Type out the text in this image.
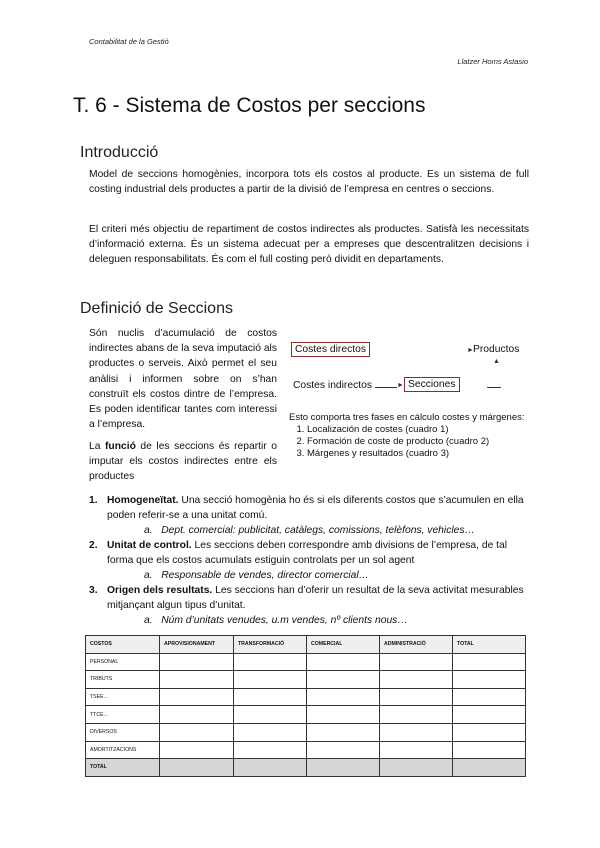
Contabilitat de la Gestió
Llatzer Homs Astasio
T. 6 - Sistema de Costos per seccions
Introducció

Model de seccions homogènies, incorpora tots els costos al producte. Es un sistema de full costing industrial dels productes a partir de la divisió de l’empresa en centres o seccions.

El criteri més objectiu de repartiment de costos indirectes als productes. Satisfà les necessitats d’informació externa. És un sistema adecuat per a empreses que descentralitzen decisions i deleguen responsabilitats. És com el full costing però dividit en departaments.

Definició de Seccions

Són nuclis d’acumulació de costos indirectes abans de la seva imputació als productes o serveis. Això permet el seu anàlisi i informen sobre on s’han construït els costos dintre de l’empresa. Es poden identificar tantes com interessi a l’empresa.

La funció de les seccions és repartir o imputar els costos indirectes entre els productes

Costes directos	► Productos
▲
Costes indirectos	► Secciones
Esto comporta tres fases en cálculo costes y márgenes:
1. Localización de costes (cuadro 1)
2. Formación de coste de producto (cuadro 2)
3. Márgenes y resultados (cuadro 3)
1. Homogeneïtat. Una secció homogènia ho és si els diferents costos que s’acumulen en ella poden referir-se a una unitat comú.
a. Dept. comercial: publicitat, catàlegs, comissions, telèfons, vehicles…
2. Unitat de control. Les seccions deben correspondre amb divisions de l’empresa, de tal forma que els costos acumulats estiguin controlats per un sol agent
a. Responsable de vendes, director comercial…
3. Origen dels resultats. Les seccions han d’oferir un resultat de la seva activitat mesurables mitjançant algun tipus d’unitat.
a. Núm d’unitats venudes, u.m vendes, nº clients nous…
COSTOS	APROVISIONAMENT	TRANSFORMACIÓ	COMERCIAL	ADMINISTRACIÓ	TOTAL
PERSONAL					
TRIBUTS					
TSEE…					
TTCE…					
DIVERSOS					
AMORTITZACIONS					
TOTAL					
